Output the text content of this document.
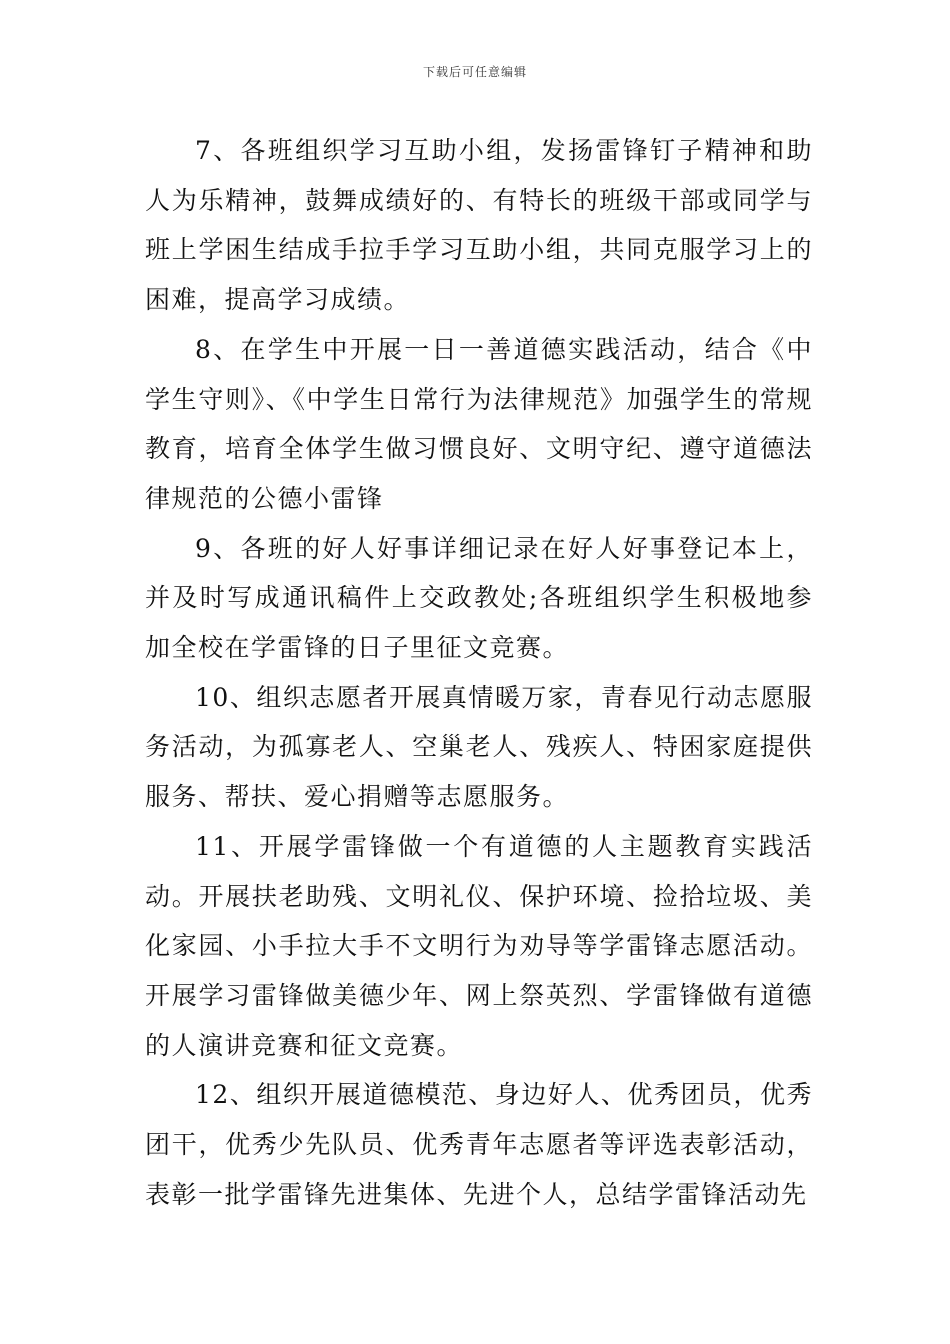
下载后可任意编辑

7、各班组织学习互助小组，发扬雷锋钉子精神和助人为乐精神，鼓舞成绩好的、有特长的班级干部或同学与班上学困生结成手拉手学习互助小组，共同克服学习上的困难，提高学习成绩。

8、在学生中开展一日一善道德实践活动，结合《中学生守则》、《中学生日常行为法律规范》加强学生的常规教育，培育全体学生做习惯良好、文明守纪、遵守道德法律规范的公德小雷锋

9、各班的好人好事详细记录在好人好事登记本上，并及时写成通讯稿件上交政教处;各班组织学生积极地参加全校在学雷锋的日子里征文竞赛。

10、组织志愿者开展真情暖万家，青春见行动志愿服务活动，为孤寡老人、空巢老人、残疾人、特困家庭提供服务、帮扶、爱心捐赠等志愿服务。

11、开展学雷锋做一个有道德的人主题教育实践活动。开展扶老助残、文明礼仪、保护环境、捡拾垃圾、美化家园、小手拉大手不文明行为劝导等学雷锋志愿活动。开展学习雷锋做美德少年、网上祭英烈、学雷锋做有道德的人演讲竞赛和征文竞赛。

12、组织开展道德模范、身边好人、优秀团员，优秀团干，优秀少先队员、优秀青年志愿者等评选表彰活动，表彰一批学雷锋先进集体、先进个人，总结学雷锋活动先
